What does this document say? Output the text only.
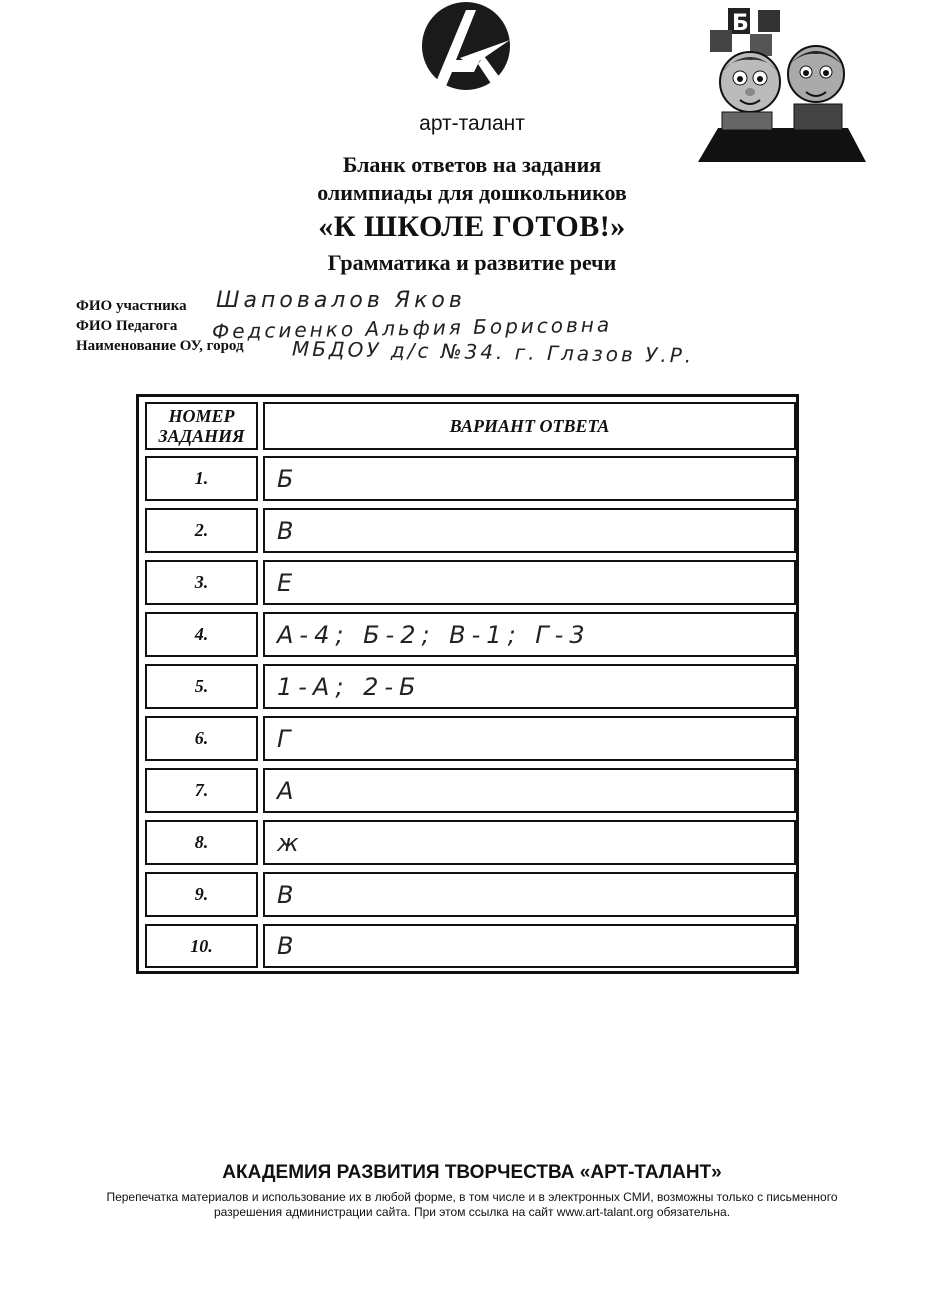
арт-талант
Б
Бланк ответов на задания
олимпиады для дошкольников
«К ШКОЛЕ ГОТОВ!»
Грамматика и развитие речи
ФИО участника Шаповалов Яков
ФИО Педагога Федсиенко Альфия Борисовна
Наименование ОУ, город МБДОУ д/с №34. г. Глазов У.Р.
НОМЕР ЗАДАНИЯ
ВАРИАНТ ОТВЕТА
1.	Б
2.	В
3.	Е
4.	А-4; Б-2; В-1; Г-3
5.	1-А; 2-Б
6.	Г
7.	А
8.	ж
9.	В
10.	В
АКАДЕМИЯ РАЗВИТИЯ ТВОРЧЕСТВА «АРТ-ТАЛАНТ»
Перепечатка материалов и использование их в любой форме, в том числе и в электронных СМИ, возможны только с письменного разрешения администрации сайта. При этом ссылка на сайт www.art-talant.org обязательна.
